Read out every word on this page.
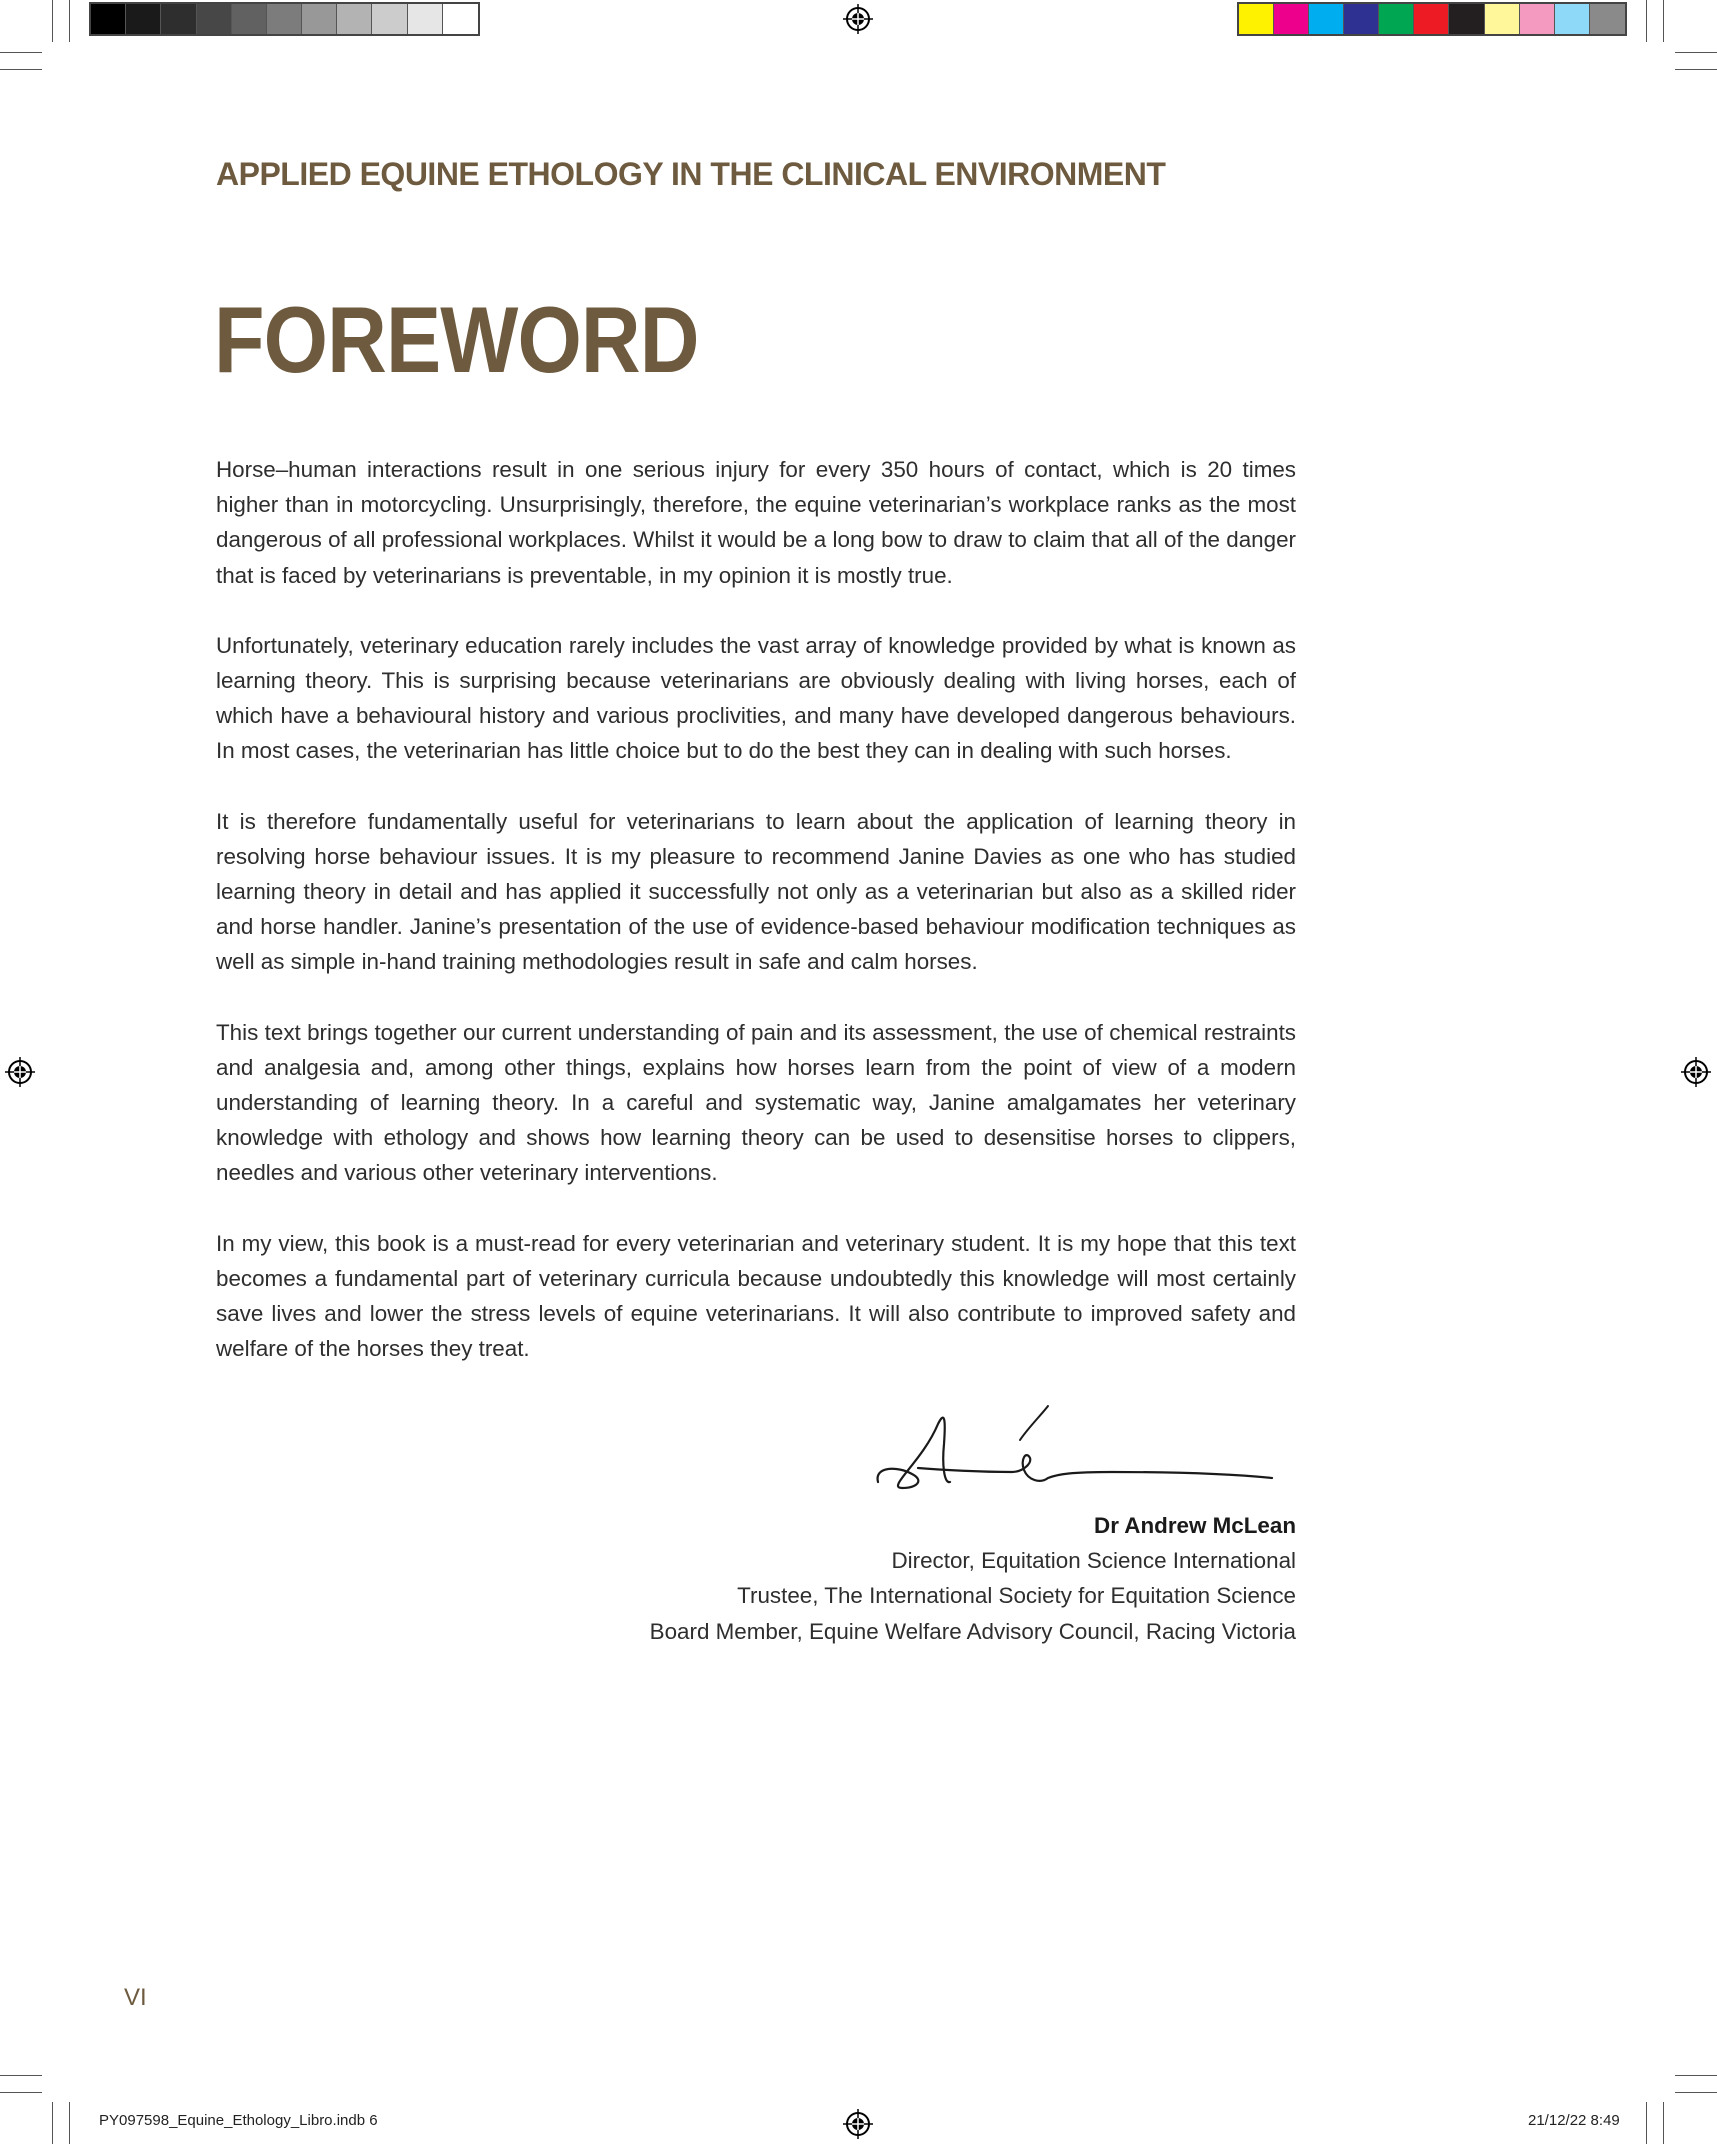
APPLIED EQUINE ETHOLOGY IN THE CLINICAL ENVIRONMENT
FOREWORD

Horse–human interactions result in one serious injury for every 350 hours of contact, which is 20 times higher than in motorcycling. Unsurprisingly, therefore, the equine veterinarian’s workplace ranks as the most dangerous of all professional workplaces. Whilst it would be a long bow to draw to claim that all of the danger that is faced by veterinarians is preventable, in my opinion it is mostly true.

Unfortunately, veterinary education rarely includes the vast array of knowledge provided by what is known as learning theory. This is surprising because veterinarians are obviously dealing with living horses, each of which have a behavioural history and various proclivities, and many have developed dangerous behaviours. In most cases, the veterinarian has little choice but to do the best they can in dealing with such horses.

It is therefore fundamentally useful for veterinarians to learn about the application of learning theory in resolving horse behaviour issues. It is my pleasure to recommend Janine Davies as one who has studied learning theory in detail and has applied it successfully not only as a veterinarian but also as a skilled rider and horse handler. Janine’s presentation of the use of evidence-based behaviour modification techniques as well as simple in-hand training methodologies result in safe and calm horses.

This text brings together our current understanding of pain and its assessment, the use of chemical restraints and analgesia and, among other things, explains how horses learn from the point of view of a modern understanding of learning theory. In a careful and systematic way, Janine amalgamates her veterinary knowledge with ethology and shows how learning theory can be used to desensitise horses to clippers, needles and various other veterinary interventions.

In my view, this book is a must-read for every veterinarian and veterinary student. It is my hope that this text becomes a fundamental part of veterinary curricula because undoubtedly this knowledge will most certainly save lives and lower the stress levels of equine veterinarians. It will also contribute to improved safety and welfare of the horses they treat.

Dr Andrew McLean
Director, Equitation Science International
Trustee, The International Society for Equitation Science
Board Member, Equine Welfare Advisory Council, Racing Victoria
VI
PY097598_Equine_Ethology_Libro.indb 6	21/12/22 8:49
